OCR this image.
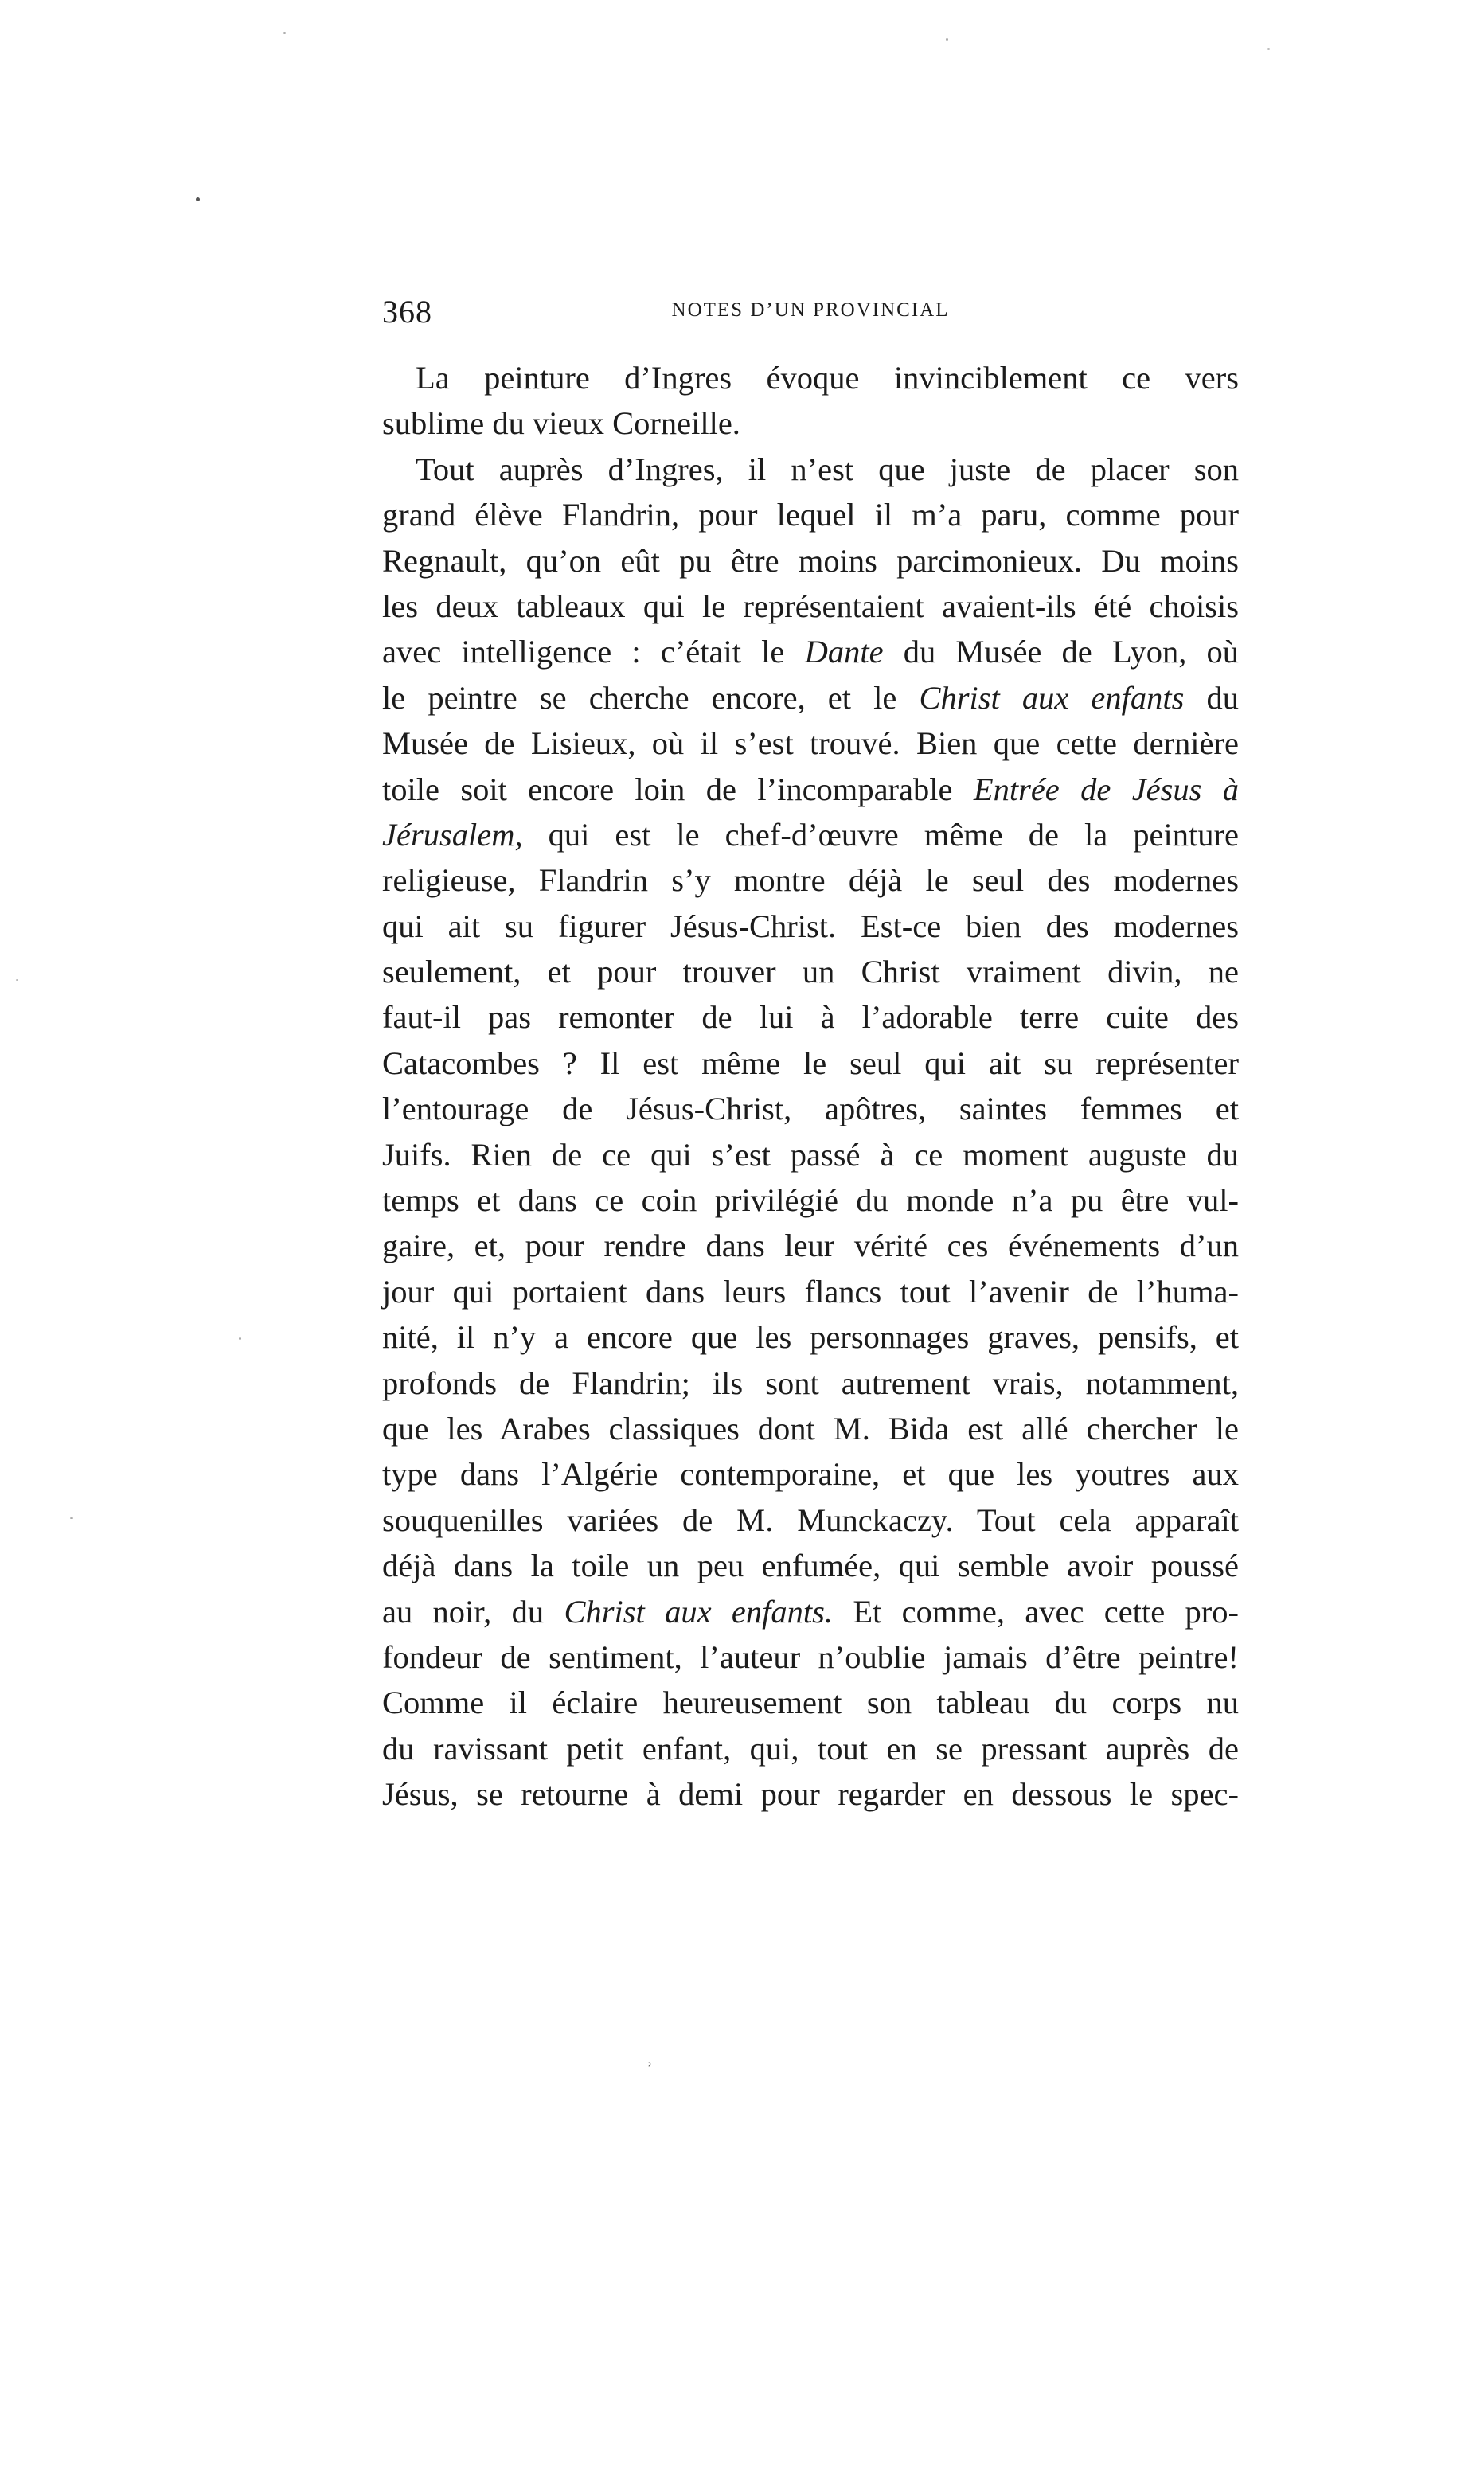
368	NOTES D’UN PROVINCIAL
La peinture d’Ingres évoque invinciblement ce vers
sublime du vieux Corneille.
Tout auprès d’Ingres, il n’est que juste de placer son
grand élève Flandrin, pour lequel il m’a paru, comme pour
Regnault, qu’on eût pu être moins parcimonieux. Du moins
les deux tableaux qui le représentaient avaient-ils été choisis
avec intelligence : c’était le Dante du Musée de Lyon, où
le peintre se cherche encore, et le Christ aux enfants du
Musée de Lisieux, où il s’est trouvé. Bien que cette dernière
toile soit encore loin de l’incomparable Entrée de Jésus à
Jérusalem, qui est le chef-d’œuvre même de la peinture
religieuse, Flandrin s’y montre déjà le seul des modernes
qui ait su figurer Jésus-Christ. Est-ce bien des modernes
seulement, et pour trouver un Christ vraiment divin, ne
faut-il pas remonter de lui à l’adorable terre cuite des
Catacombes ? Il est même le seul qui ait su représenter
l’entourage de Jésus-Christ, apôtres, saintes femmes et
Juifs. Rien de ce qui s’est passé à ce moment auguste du
temps et dans ce coin privilégié du monde n’a pu être vul-
gaire, et, pour rendre dans leur vérité ces événements d’un
jour qui portaient dans leurs flancs tout l’avenir de l’huma-
nité, il n’y a encore que les personnages graves, pensifs, et
profonds de Flandrin; ils sont autrement vrais, notamment,
que les Arabes classiques dont M. Bida est allé chercher le
type dans l’Algérie contemporaine, et que les youtres aux
souquenilles variées de M. Munckaczy. Tout cela apparaît
déjà dans la toile un peu enfumée, qui semble avoir poussé
au noir, du Christ aux enfants. Et comme, avec cette pro-
fondeur de sentiment, l’auteur n’oublie jamais d’être peintre!
Comme il éclaire heureusement son tableau du corps nu
du ravissant petit enfant, qui, tout en se pressant auprès de
Jésus, se retourne à demi pour regarder en dessous le spec-
